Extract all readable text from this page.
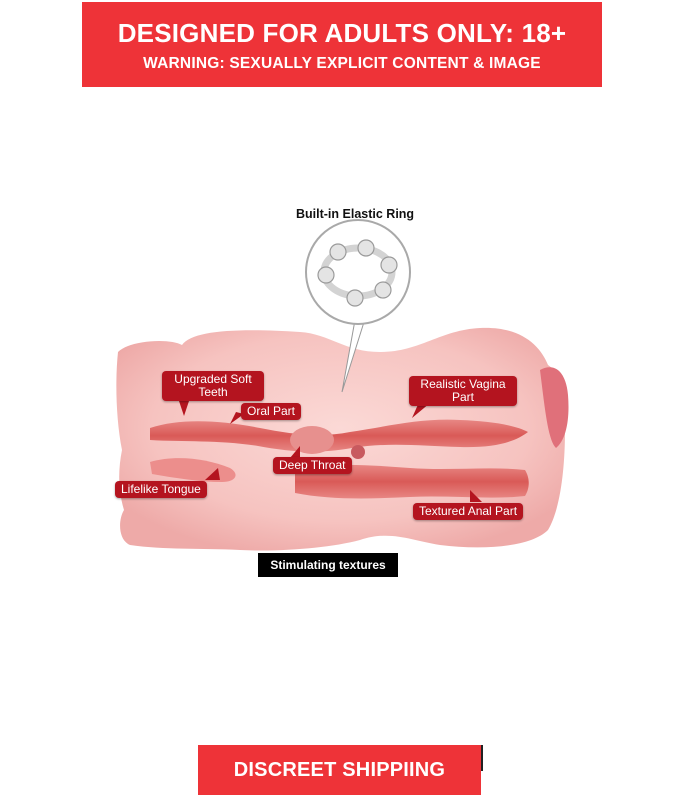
DESIGNED FOR ADULTS ONLY: 18+
WARNING: SEXUALLY EXPLICIT CONTENT & IMAGE
Built-in Elastic Ring
Upgraded Soft Teeth
Oral Part
Deep Throat
Lifelike Tongue
Realistic Vagina Part
Textured Anal Part
Stimulating textures
DISCREET SHIPPIING
